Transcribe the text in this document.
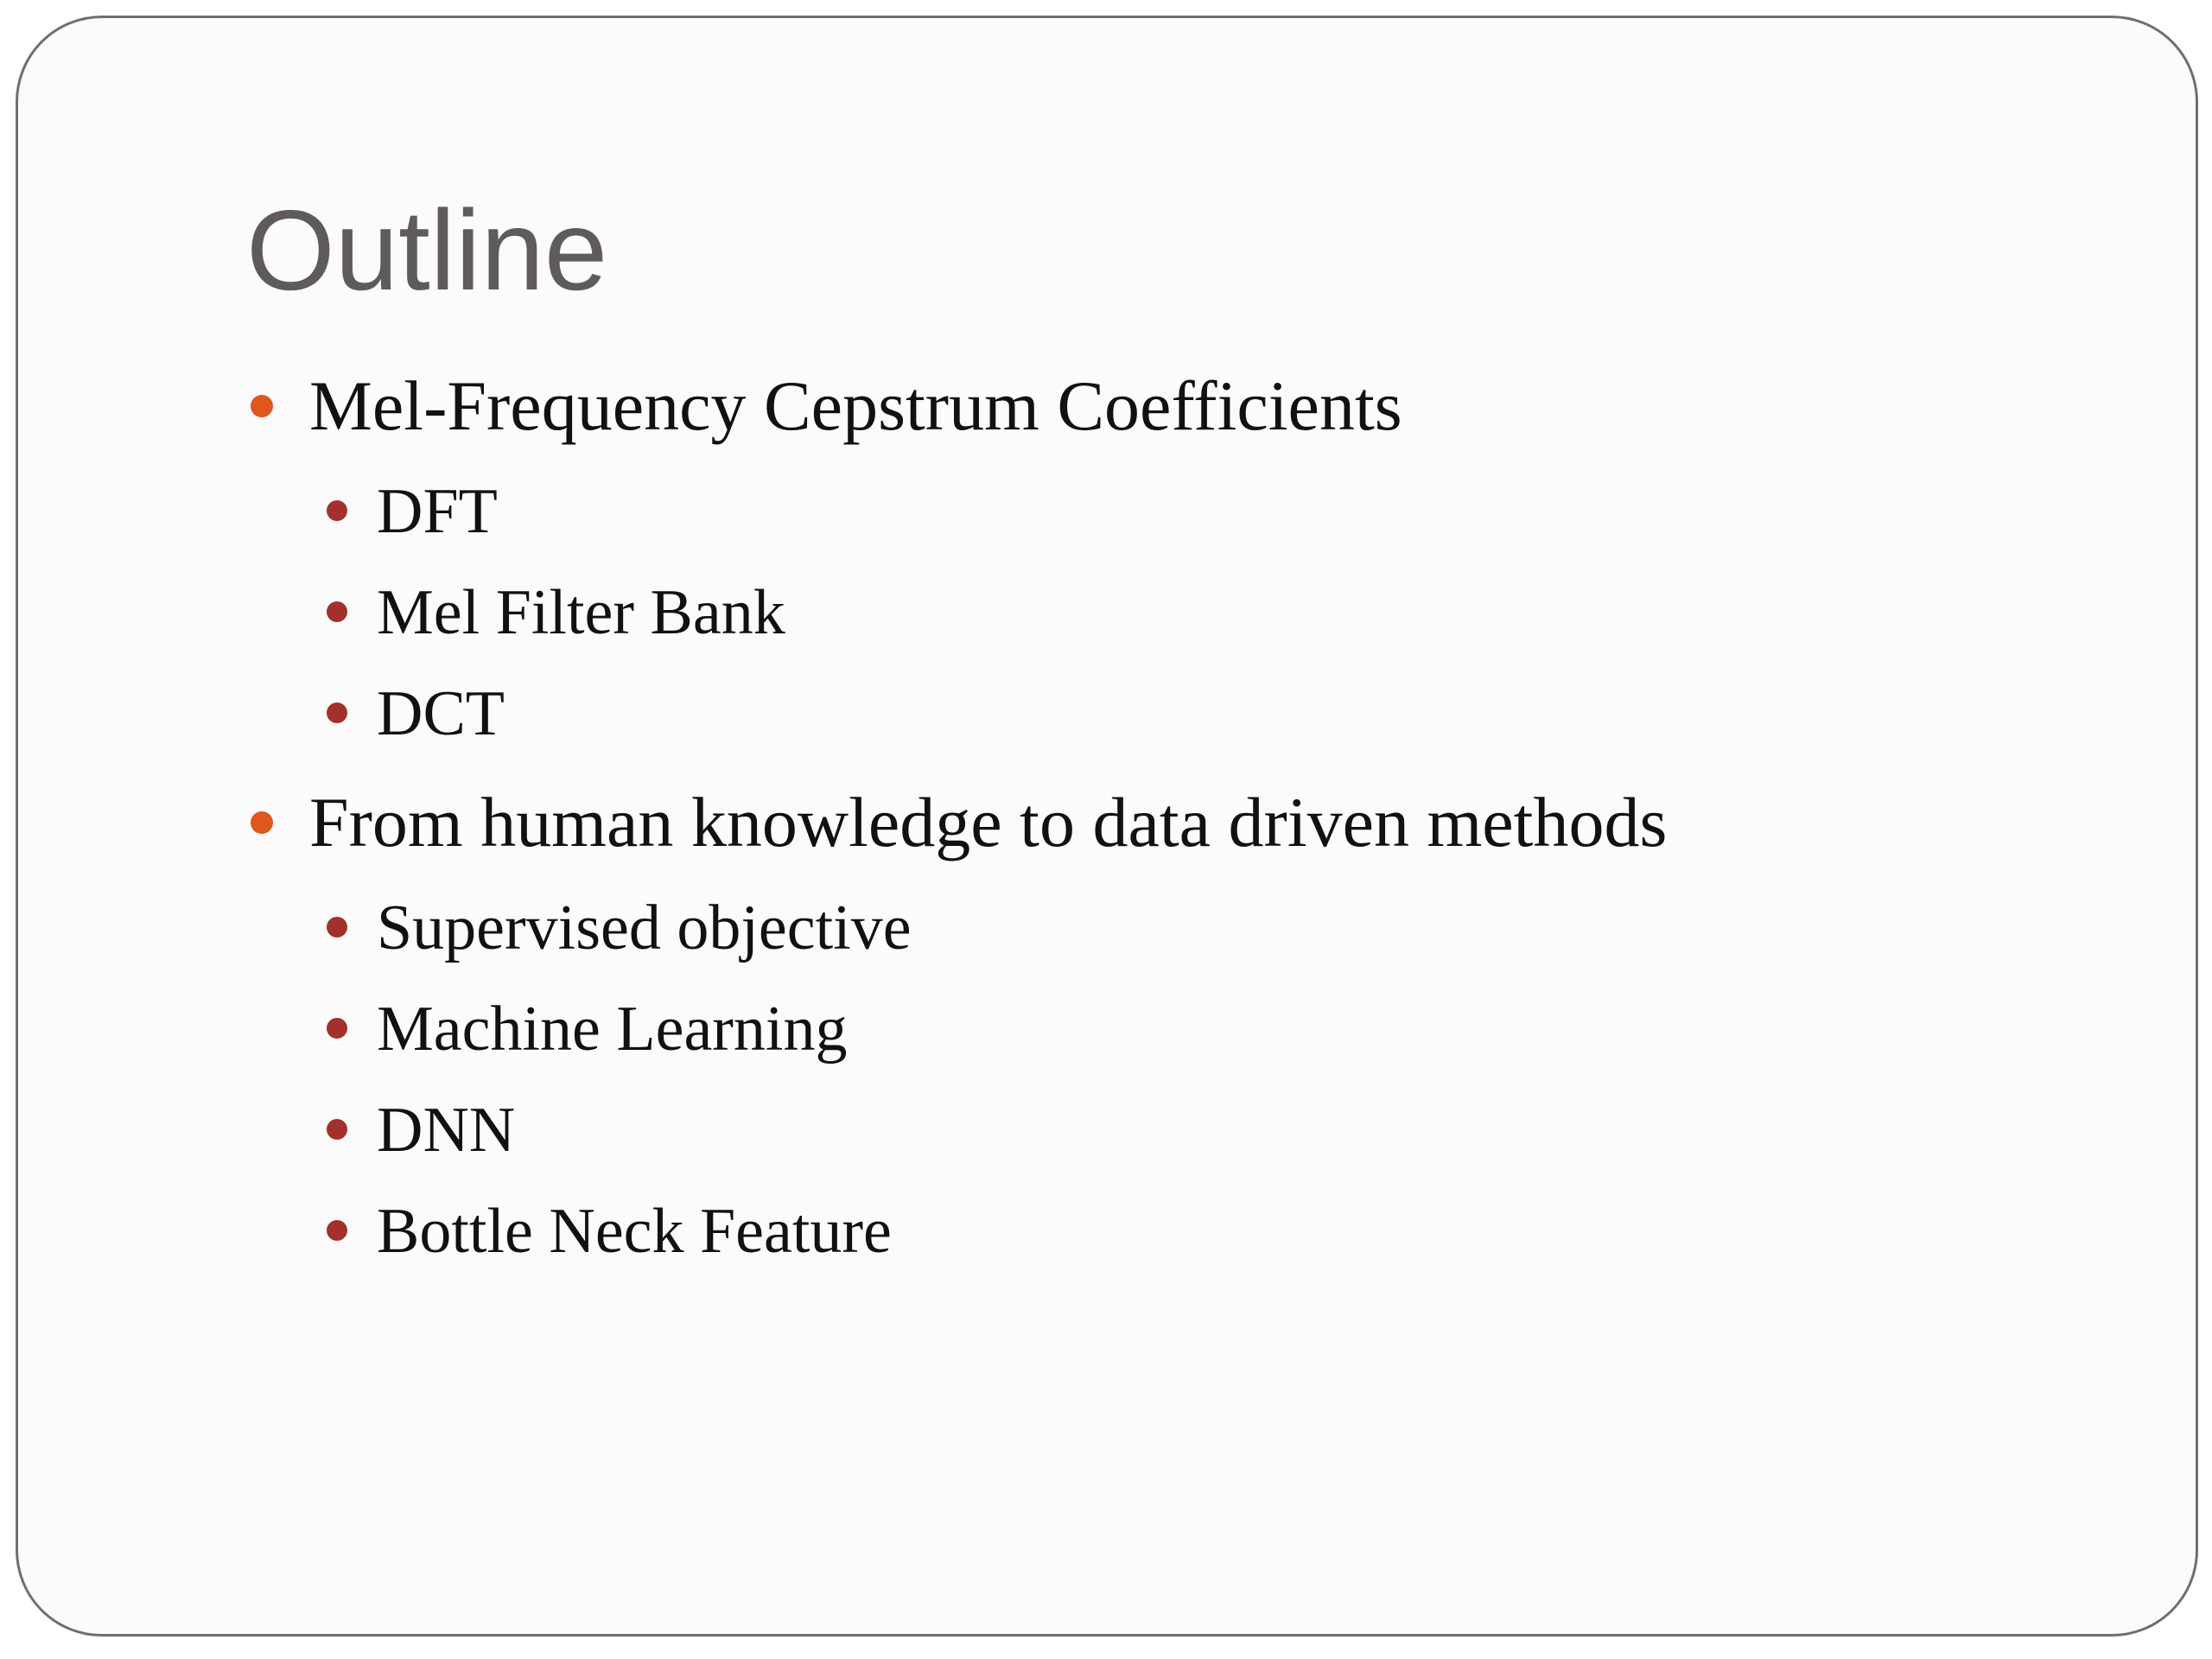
Outline
Mel-Frequency Cepstrum Coefficients
DFT
Mel Filter Bank
DCT
From human knowledge to data driven methods
Supervised objective
Machine Learning
DNN
Bottle Neck Feature
